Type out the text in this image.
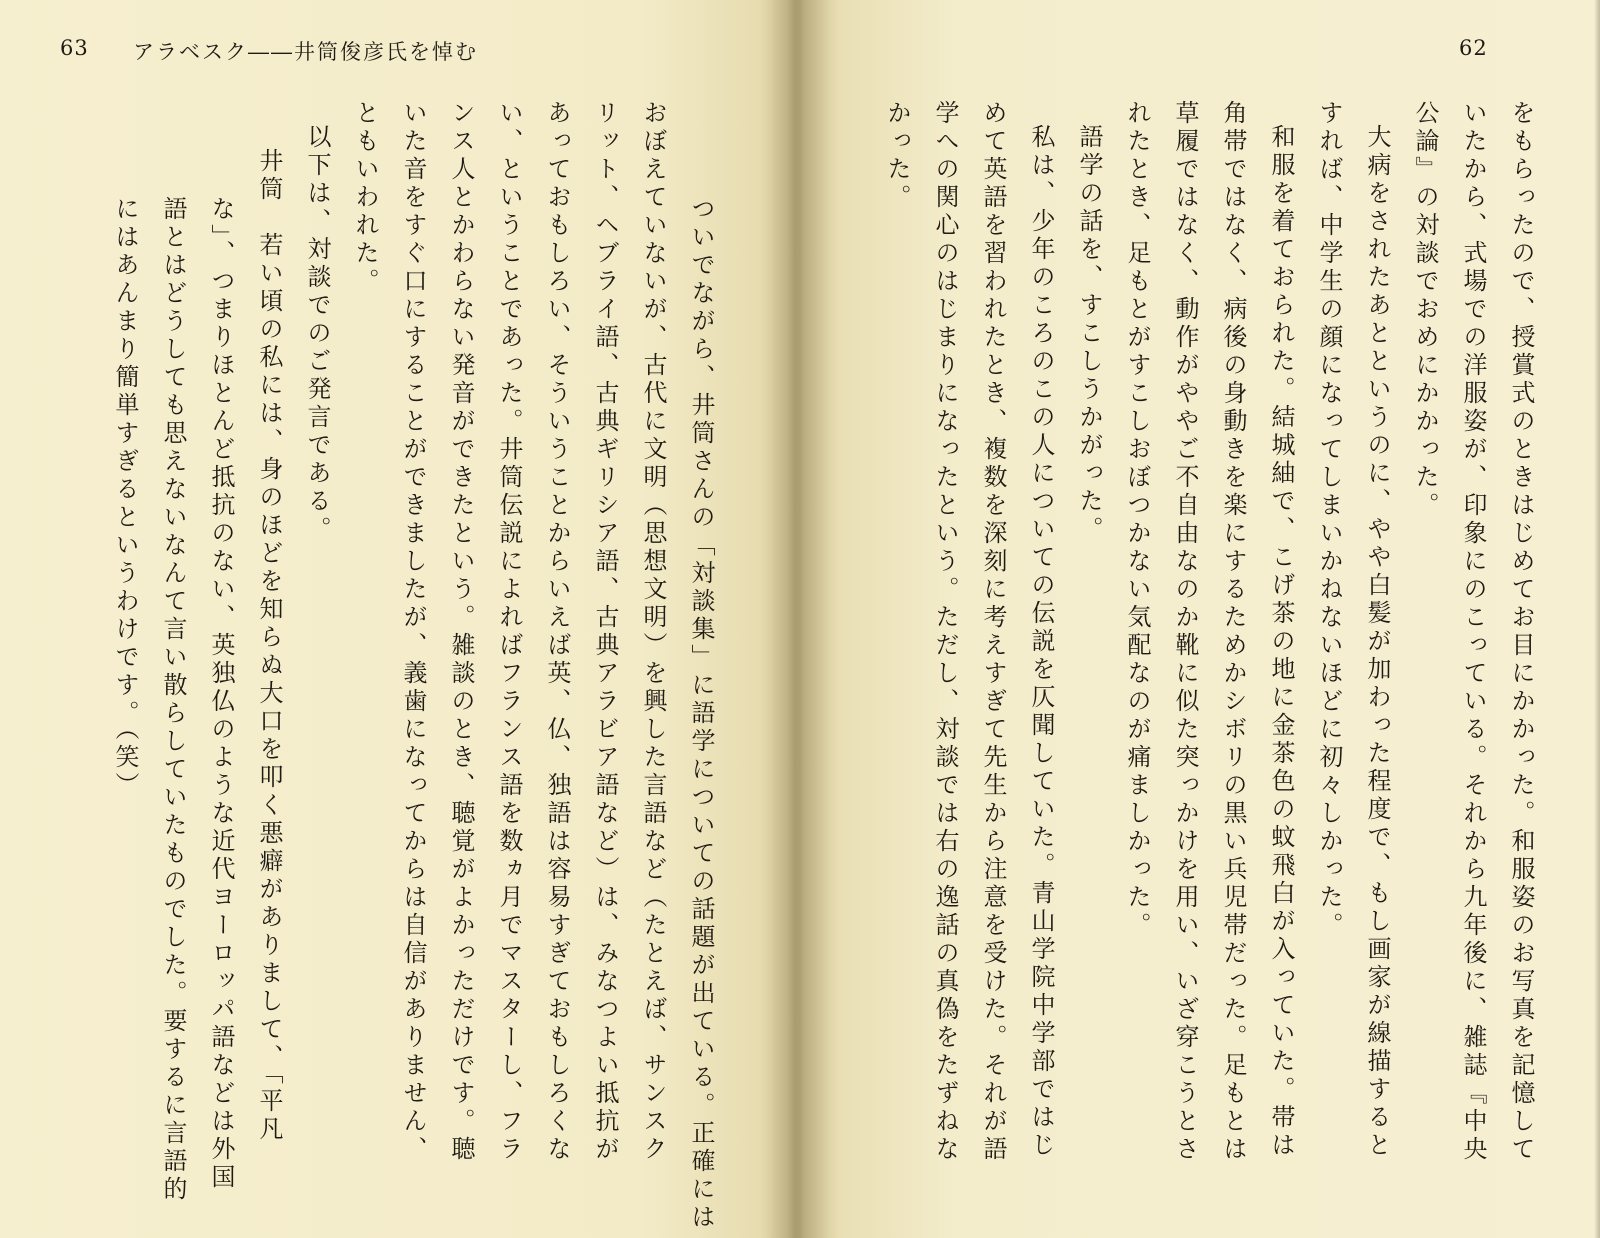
63 アラベスク――井筒俊彦氏を悼む
ついでながら、井筒さんの「対談集」に語学についての話題が出ている。正確には
おぼえていないが、古代に文明（思想文明）を興した言語など（たとえば、サンスク
リット、ヘブライ語、古典ギリシア語、古典アラビア語など）は、みなつよい抵抗が
あっておもしろい、そういうことからいえば英、仏、独語は容易すぎておもしろくな
い、ということであった。井筒伝説によればフランス語を数ヵ月でマスターし、フラ
ンス人とかわらない発音ができたという。雑談のとき、聴覚がよかっただけです。聴
いた音をすぐ口にすることができましたが、義歯になってからは自信がありません、
ともいわれた。
以下は、対談でのご発言である。
井筒　若い頃の私には、身のほどを知らぬ大口を叩く悪癖がありまして、「平凡
な」、つまりほとんど抵抗のない、英独仏のような近代ヨーロッパ語などは外国
語とはどうしても思えないなんて言い散らしていたものでした。要するに言語的
にはあんまり簡単すぎるというわけです。（笑）
62
をもらったので、授賞式のときはじめてお目にかかった。和服姿のお写真を記憶して
いたから、式場での洋服姿が、印象にのこっている。それから九年後に、雑誌『中央
公論』の対談でおめにかかった。
大病をされたあとというのに、やや白髪が加わった程度で、もし画家が線描すると
すれば、中学生の顔になってしまいかねないほどに初々しかった。
和服を着ておられた。結城紬で、こげ茶の地に金茶色の蚊飛白が入っていた。帯は
角帯ではなく、病後の身動きを楽にするためかシボリの黒い兵児帯だった。足もとは
草履ではなく、動作がややご不自由なのか靴に似た突っかけを用い、いざ穿こうとさ
れたとき、足もとがすこしおぼつかない気配なのが痛ましかった。
語学の話を、すこしうかがった。
私は、少年のころのこの人についての伝説を仄聞していた。青山学院中学部ではじ
めて英語を習われたとき、複数を深刻に考えすぎて先生から注意を受けた。それが語
学への関心のはじまりになったという。ただし、対談では右の逸話の真偽をたずねな
かった。
